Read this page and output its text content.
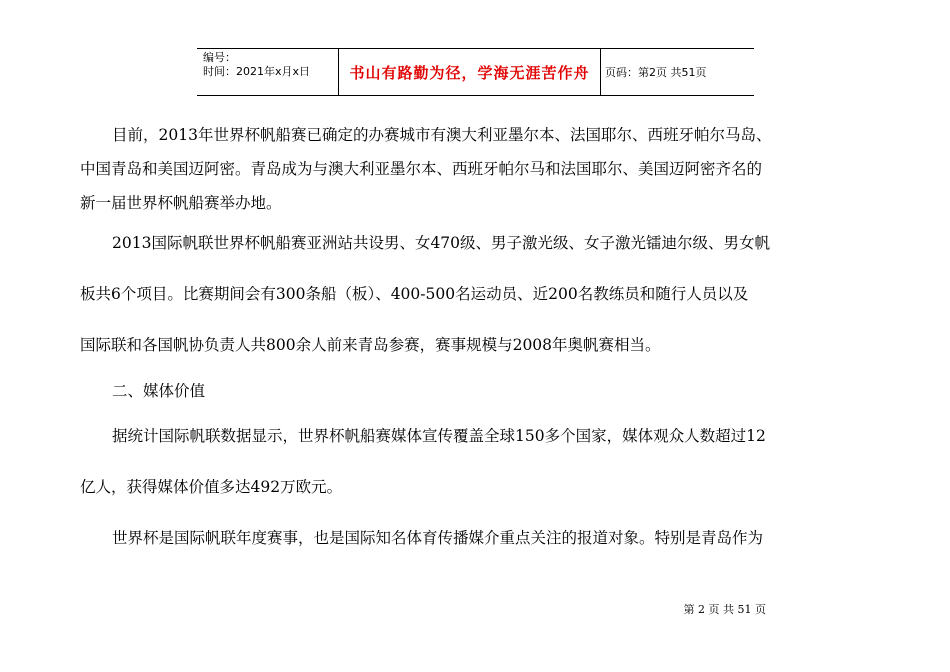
编号：
时间：2021年x月x日	书山有路勤为径，学海无涯苦作舟	页码：第2页 共51页
目前，2013年世界杯帆船赛已确定的办赛城市有澳大利亚墨尔本、法国耶尔、西班牙帕尔马岛、
中国青岛和美国迈阿密。青岛成为与澳大利亚墨尔本、西班牙帕尔马和法国耶尔、美国迈阿密齐名的
新一届世界杯帆船赛举办地。
2013国际帆联世界杯帆船赛亚洲站共设男、女470级、男子激光级、女子激光镭迪尔级、男女帆
板共6个项目。比赛期间会有300条船（板）、400-500名运动员、近200名教练员和随行人员以及
国际联和各国帆协负责人共800余人前来青岛参赛，赛事规模与2008年奥帆赛相当。
二、媒体价值
据统计国际帆联数据显示，世界杯帆船赛媒体宣传覆盖全球150多个国家，媒体观众人数超过12
亿人，获得媒体价值多达492万欧元。
世界杯是国际帆联年度赛事，也是国际知名体育传播媒介重点关注的报道对象。特别是青岛作为
第 2 页 共 51 页
